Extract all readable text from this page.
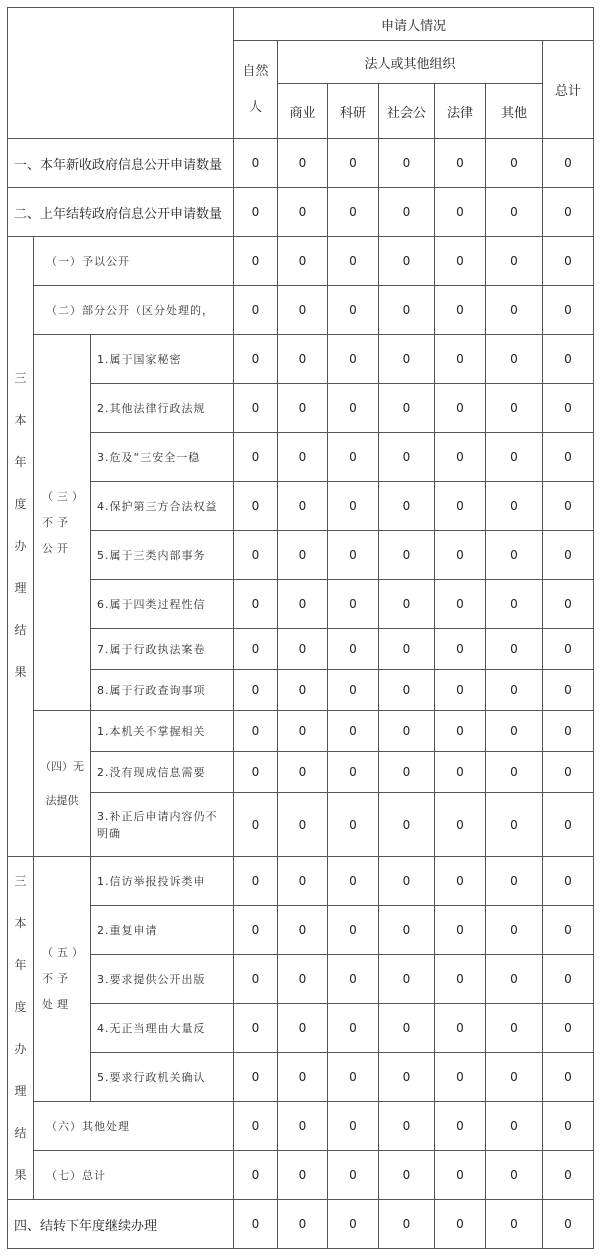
			申请人情况						
			自然人	法人或其他组织					总计
				商业	科研	社会公	法律	其他	
一、本年新收政府信息公开申请数量			0	0	0	0	0	0	0
二、上年结转政府信息公开申请数量			0	0	0	0	0	0	0
三本年度办理结果	（一）予以公开		0	0	0	0	0	0	0
	（二）部分公开（区分处理的，		0	0	0	0	0	0	0
	（三）不予公开	1.属于国家秘密	0	0	0	0	0	0	0
		2.其他法律行政法规	0	0	0	0	0	0	0
		3.危及“三安全一稳	0	0	0	0	0	0	0
		4.保护第三方合法权益	0	0	0	0	0	0	0
		5.属于三类内部事务	0	0	0	0	0	0	0
		6.属于四类过程性信	0	0	0	0	0	0	0
		7.属于行政执法案卷	0	0	0	0	0	0	0
		8.属于行政查询事项	0	0	0	0	0	0	0
	（四）无法提供	1.本机关不掌握相关	0	0	0	0	0	0	0
		2.没有现成信息需要	0	0	0	0	0	0	0
		3.补正后申请内容仍不明确	0	0	0	0	0	0	0
三本年度办理结果	（五）不予处理	1.信访举报投诉类申	0	0	0	0	0	0	0
		2.重复申请	0	0	0	0	0	0	0
		3.要求提供公开出版	0	0	0	0	0	0	0
		4.无正当理由大量反	0	0	0	0	0	0	0
		5.要求行政机关确认	0	0	0	0	0	0	0
	（六）其他处理		0	0	0	0	0	0	0
	（七）总计		0	0	0	0	0	0	0
四、结转下年度继续办理			0	0	0	0	0	0	0
